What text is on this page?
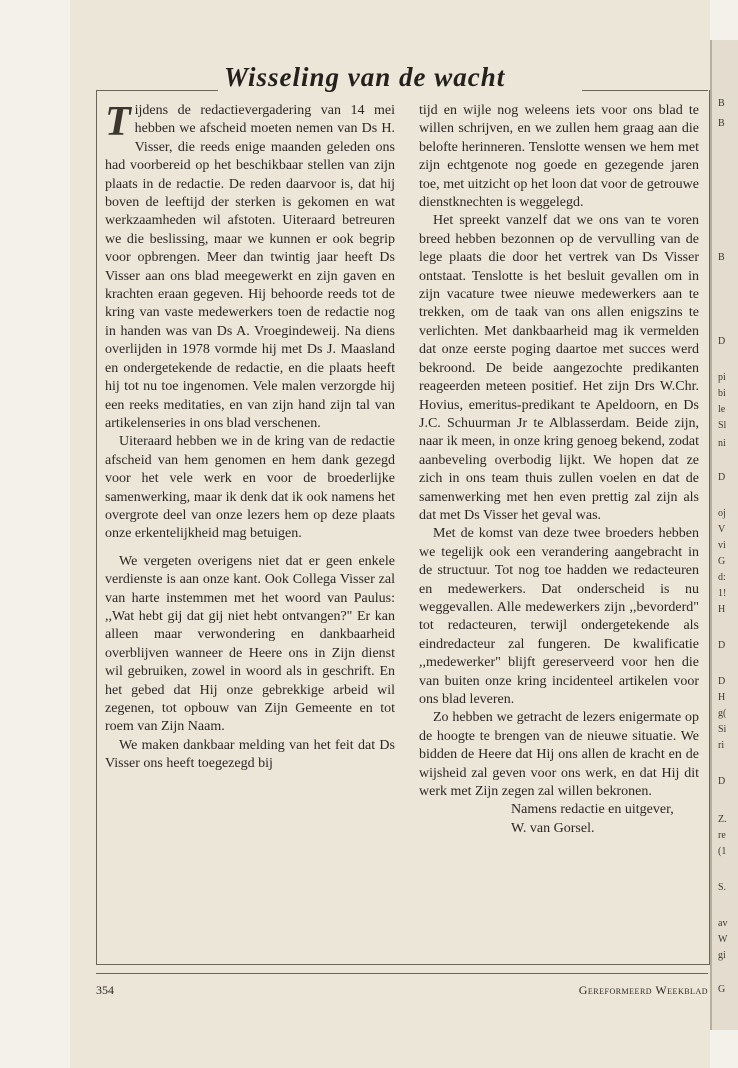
B
B
B
D
pi
bi
le
Sl
ni
D
oj
V
vi
G
d:
1!
H
D
D
H
g(
Si
ri
D
Z.
re
(1
S.
av
W
gi
G
Wisseling van de wacht

Tijdens de redactievergadering van 14 mei hebben we afscheid moeten nemen van Ds H. Visser, die reeds enige maanden geleden ons had voorbereid op het beschikbaar stellen van zijn plaats in de redactie. De reden daarvoor is, dat hij boven de leeftijd der sterken is gekomen en wat werkzaamheden wil afstoten. Uiteraard betreuren we die beslissing, maar we kunnen er ook begrip voor opbrengen. Meer dan twintig jaar heeft Ds Visser aan ons blad meegewerkt en zijn gaven en krachten eraan gegeven. Hij behoorde reeds tot de kring van vaste medewerkers toen de redactie nog in handen was van Ds A. Vroegindeweij. Na diens overlijden in 1978 vormde hij met Ds J. Maasland en ondergetekende de redactie, en die plaats heeft hij tot nu toe ingenomen. Vele malen verzorgde hij een reeks meditaties, en van zijn hand zijn tal van artikelenseries in ons blad verschenen.

Uiteraard hebben we in de kring van de redactie afscheid van hem genomen en hem dank gezegd voor het vele werk en voor de broederlijke samenwerking, maar ik denk dat ik ook namens het overgrote deel van onze lezers hem op deze plaats onze erkentelijkheid mag betuigen.

We vergeten overigens niet dat er geen enkele verdienste is aan onze kant. Ook Collega Visser zal van harte instemmen met het woord van Paulus: ,,Wat hebt gij dat gij niet hebt ontvangen?" Er kan alleen maar verwondering en dankbaarheid overblijven wanneer de Heere ons in Zijn dienst wil gebruiken, zowel in woord als in geschrift. En het gebed dat Hij onze gebrekkige arbeid wil zegenen, tot opbouw van Zijn Gemeente en tot roem van Zijn Naam.

We maken dankbaar melding van het feit dat Ds Visser ons heeft toegezegd bij

tijd en wijle nog weleens iets voor ons blad te willen schrijven, en we zullen hem graag aan die belofte herinneren. Tenslotte wensen we hem met zijn echtgenote nog goede en gezegende jaren toe, met uitzicht op het loon dat voor de getrouwe dienstknechten is weggelegd.

Het spreekt vanzelf dat we ons van te voren breed hebben bezonnen op de vervulling van de lege plaats die door het vertrek van Ds Visser ontstaat. Tenslotte is het besluit gevallen om in zijn vacature twee nieuwe medewerkers aan te trekken, om de taak van ons allen enigszins te verlichten. Met dankbaarheid mag ik vermelden dat onze eerste poging daartoe met succes werd bekroond. De beide aangezochte predikanten reageerden meteen positief. Het zijn Drs W.Chr. Hovius, emeritus-predikant te Apeldoorn, en Ds J.C. Schuurman Jr te Alblasserdam. Beide zijn, naar ik meen, in onze kring genoeg bekend, zodat aanbeveling overbodig lijkt. We hopen dat ze zich in ons team thuis zullen voelen en dat de samenwerking met hen even prettig zal zijn als dat met Ds Visser het geval was.

Met de komst van deze twee broeders hebben we tegelijk ook een verandering aangebracht in de structuur. Tot nog toe hadden we redacteuren en medewerkers. Dat onderscheid is nu weggevallen. Alle medewerkers zijn ,,bevorderd" tot redacteuren, terwijl ondergetekende als eindredacteur zal fungeren. De kwalificatie ,,medewerker" blijft gereserveerd voor hen die van buiten onze kring incidenteel artikelen voor ons blad leveren.

Zo hebben we getracht de lezers enigermate op de hoogte te brengen van de nieuwe situatie. We bidden de Heere dat Hij ons allen de kracht en de wijsheid zal geven voor ons werk, en dat Hij dit werk met Zijn zegen zal willen bekronen.

Namens redactie en uitgever,

W. van Gorsel.

354	Gereformeerd Weekblad
